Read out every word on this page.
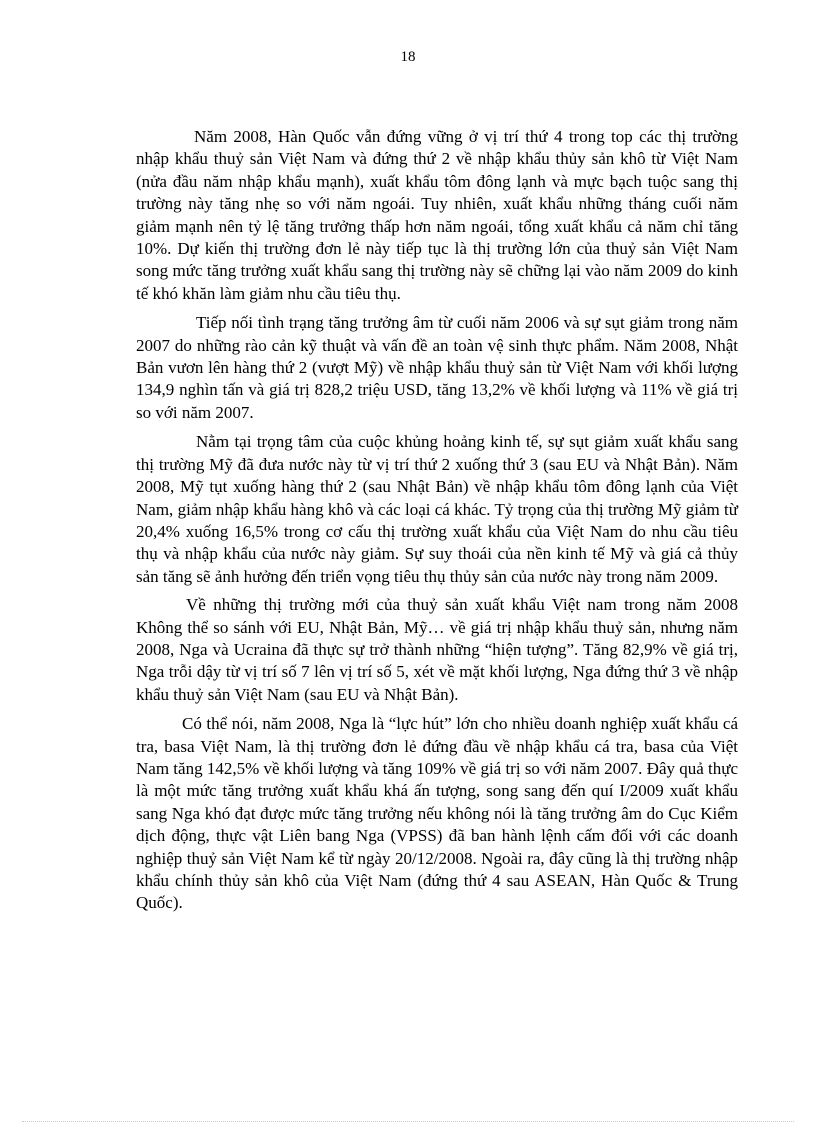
18

Năm 2008, Hàn Quốc vẫn đứng vững ở vị trí thứ 4 trong top các thị trường nhập khẩu thuỷ sản Việt Nam và đứng thứ 2 về nhập khẩu thủy sản khô từ Việt Nam (nửa đầu năm nhập khẩu mạnh), xuất khẩu tôm đông lạnh và mực bạch tuộc sang thị trường này tăng nhẹ so với năm ngoái. Tuy nhiên, xuất khẩu những tháng cuối năm giảm mạnh nên tỷ lệ tăng trưởng thấp hơn năm ngoái, tổng xuất khẩu cả năm chỉ tăng 10%. Dự kiến thị trường đơn lẻ này tiếp tục là thị trường lớn của thuỷ sản Việt Nam song mức tăng trưởng xuất khẩu sang thị trường này sẽ chững lại vào năm 2009 do kinh tế khó khăn làm giảm nhu cầu tiêu thụ.

Tiếp nối tình trạng tăng trưởng âm từ cuối năm 2006 và sự sụt giảm trong năm 2007 do những rào cản kỹ thuật và vấn đề an toàn vệ sinh thực phẩm. Năm 2008, Nhật Bản vươn lên hàng thứ 2 (vượt Mỹ) về nhập khẩu thuỷ sản từ Việt Nam với khối lượng 134,9 nghìn tấn và giá trị 828,2 triệu USD, tăng 13,2% về khối lượng và 11% về giá trị so với năm 2007.

Nằm tại trọng tâm của cuộc khủng hoảng kinh tế, sự sụt giảm xuất khẩu sang thị trường Mỹ đã đưa nước này từ vị trí thứ 2 xuống thứ 3 (sau EU và Nhật Bản). Năm 2008, Mỹ tụt xuống hàng thứ 2 (sau Nhật Bản) về nhập khẩu tôm đông lạnh của Việt Nam, giảm nhập khẩu hàng khô và các loại cá khác. Tỷ trọng của thị trường Mỹ giảm từ 20,4% xuống 16,5% trong cơ cấu thị trường xuất khẩu của Việt Nam do nhu cầu tiêu thụ và nhập khẩu của nước này giảm. Sự suy thoái của nền kinh tế Mỹ và giá cả thủy sản tăng sẽ ảnh hưởng đến triển vọng tiêu thụ thủy sản của nước này trong năm 2009.

Về những thị trường mới của thuỷ sản xuất khẩu Việt nam trong năm 2008 Không thể so sánh với EU, Nhật Bản, Mỹ… về giá trị nhập khẩu thuỷ sản, nhưng năm 2008, Nga và Ucraina đã thực sự trở thành những “hiện tượng”. Tăng 82,9% về giá trị, Nga trỗi dậy từ vị trí số 7 lên vị trí số 5, xét về mặt khối lượng, Nga đứng thứ 3 về nhập khẩu thuỷ sản Việt Nam (sau EU và Nhật Bản).

Có thể nói, năm 2008, Nga là “lực hút” lớn cho nhiều doanh nghiệp xuất khẩu cá tra, basa Việt Nam, là thị trường đơn lẻ đứng đầu về nhập khẩu cá tra, basa của Việt Nam tăng 142,5% về khối lượng và tăng 109% về giá trị so với năm 2007. Đây quả thực là một mức tăng trưởng xuất khẩu khá ấn tượng, song sang đến quí I/2009 xuất khẩu sang Nga khó đạt được mức tăng trưởng nếu không nói là tăng trưởng âm do Cục Kiểm dịch động, thực vật Liên bang Nga (VPSS) đã ban hành lệnh cấm đối với các doanh nghiệp thuỷ sản Việt Nam kể từ ngày 20/12/2008. Ngoài ra, đây cũng là thị trường nhập khẩu chính thủy sản khô của Việt Nam (đứng thứ 4 sau ASEAN, Hàn Quốc & Trung Quốc).
